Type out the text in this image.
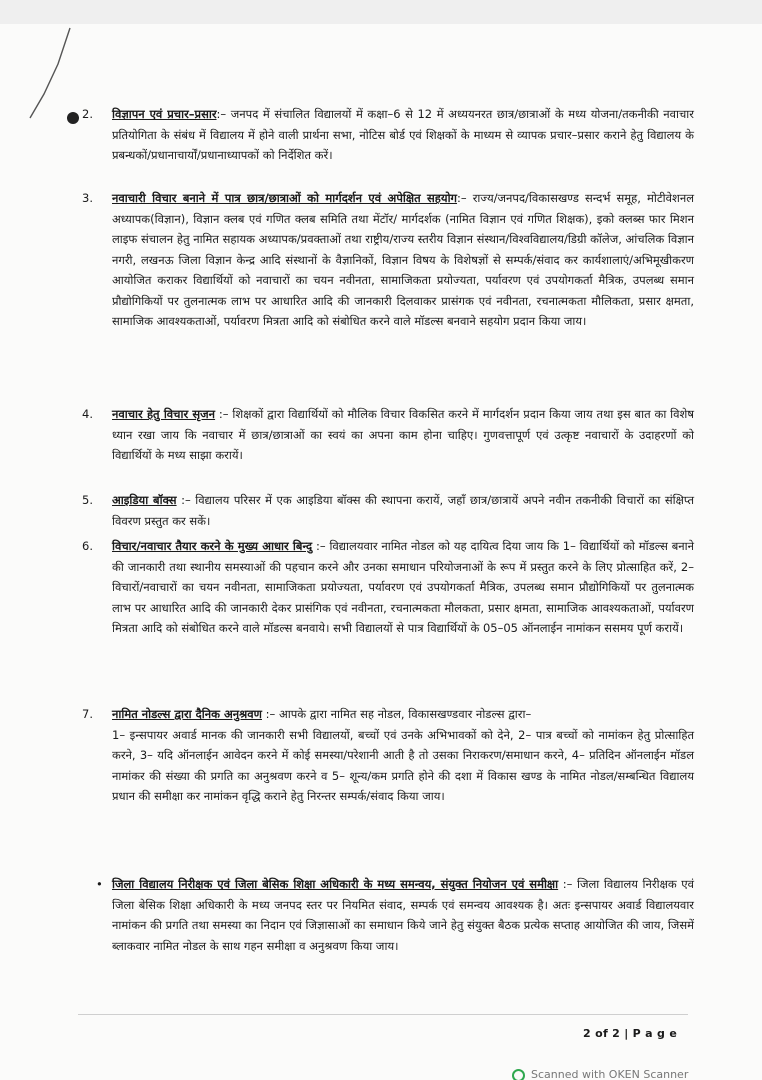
2.	विज्ञापन एवं प्रचार–प्रसार:– जनपद में संचालित विद्यालयों में कक्षा–6 से 12 में अध्ययनरत छात्र/छात्राओं के मध्य योजना/तकनीकी नवाचार प्रतियोगिता के संबंध में विद्यालय में होने वाली प्रार्थना सभा, नोटिस बोर्ड एवं शिक्षकों के माध्यम से व्यापक प्रचार–प्रसार कराने हेतु विद्यालय के प्रबन्धकों/प्रधानाचार्यों/प्रधानाध्यापकों को निर्देशित करें।
3.	नवाचारी विचार बनाने में पात्र छात्र/छात्राओं को मार्गदर्शन एवं अपेक्षित सहयोग:– राज्य/जनपद/विकासखण्ड सन्दर्भ समूह, मोटीवेशनल अध्यापक(विज्ञान), विज्ञान क्लब एवं गणित क्लब समिति तथा मेंटॉर/ मार्गदर्शक (नामित विज्ञान एवं गणित शिक्षक), इको क्लब्स फार मिशन लाइफ संचालन हेतु नामित सहायक अध्यापक/प्रवक्ताओं तथा राष्ट्रीय/राज्य स्तरीय विज्ञान संस्थान/विश्वविद्यालय/डिग्री कॉलेज, आंचलिक विज्ञान नगरी, लखनऊ जिला विज्ञान केन्द्र आदि संस्थानों के वैज्ञानिकों, विज्ञान विषय के विशेषज्ञों से सम्पर्क/संवाद कर कार्यशालाएं/अभिमूखीकरण आयोजित कराकर विद्यार्थियों को नवाचारों का चयन नवीनता, सामाजिकता प्रयोज्यता, पर्यावरण एवं उपयोगकर्ता मैत्रिक, उपलब्ध समान प्रौद्योगिकियों पर तुलनात्मक लाभ पर आधारित आदि की जानकारी दिलवाकर प्रासंगक एवं नवीनता, रचनात्मकता मौलिकता, प्रसार क्षमता, सामाजिक आवश्यकताओं, पर्यावरण मित्रता आदि को संबोधित करने वाले मॉडल्स बनवाने सहयोग प्रदान किया जाय।
4.	नवाचार हेतु विचार सृजन :– शिक्षकों द्वारा विद्यार्थियों को मौलिक विचार विकसित करने में मार्गदर्शन प्रदान किया जाय तथा इस बात का विशेष ध्यान रखा जाय कि नवाचार में छात्र/छात्राओं का स्वयं का अपना काम होना चाहिए। गुणवत्तापूर्ण एवं उत्कृष्ट नवाचारों के उदाहरणों को विद्यार्थियों के मध्य साझा करायें।
5.	आइडिया बॉक्स :– विद्यालय परिसर में एक आइडिया बॉक्स की स्थापना करायें, जहाँ छात्र/छात्रायें अपने नवीन तकनीकी विचारों का संक्षिप्त विवरण प्रस्तुत कर सकें।
6.	विचार/नवाचार तैयार करने के मुख्य आधार बिन्दु :– विद्यालयवार नामित नोडल को यह दायित्व दिया जाय कि 1– विद्यार्थियों को मॉडल्स बनाने की जानकारी तथा स्थानीय समस्याओं की पहचान करने और उनका समाधान परियोजनाओं के रूप में प्रस्तुत करने के लिए प्रोत्साहित करें, 2– विचारों/नवाचारों का चयन नवीनता, सामाजिकता प्रयोज्यता, पर्यावरण एवं उपयोगकर्ता मैत्रिक, उपलब्ध समान प्रौद्योगिकियों पर तुलनात्मक लाभ पर आधारित आदि की जानकारी देकर प्रासंगिक एवं नवीनता, रचनात्मकता मौलकता, प्रसार क्षमता, सामाजिक आवश्यकताओं, पर्यावरण मित्रता आदि को संबोधित करने वाले मॉडल्स बनवाये। सभी विद्यालयों से पात्र विद्यार्थियों के 05–05 ऑनलाईन नामांकन ससमय पूर्ण करायें।
7.	नामित नोडल्स द्वारा दैनिक अनुश्रवण :– आपके द्वारा नामित सह नोडल, विकासखण्डवार नोडल्स द्वारा–

1– इन्सपायर अवार्ड मानक की जानकारी सभी विद्यालयों, बच्चों एवं उनके अभिभावकों को देने, 2– पात्र बच्चों को नामांकन हेतु प्रोत्साहित करने, 3– यदि ऑनलाईन आवेदन करने में कोई समस्या/परेशानी आती है तो उसका निराकरण/समाधान करने, 4– प्रतिदिन ऑनलाईन मॉडल नामांकर की संख्या की प्रगति का अनुश्रवण करने व 5– शून्य/कम प्रगति होने की दशा में विकास खण्ड के नामित नोडल/सम्बन्धित विद्यालय प्रधान की समीक्षा कर नामांकन वृद्धि कराने हेतु निरन्तर सम्पर्क/संवाद किया जाय।

• जिला विद्यालय निरीक्षक एवं जिला बेसिक शिक्षा अधिकारी के मध्य समन्वय, संयुक्त नियोजन एवं समीक्षा :– जिला विद्यालय निरीक्षक एवं जिला बेसिक शिक्षा अधिकारी के मध्य जनपद स्तर पर नियमित संवाद, सम्पर्क एवं समन्वय आवश्यक है। अतः इन्सपायर अवार्ड विद्यालयवार नामांकन की प्रगति तथा समस्या का निदान एवं जिज्ञासाओं का समाधान किये जाने हेतु संयुक्त बैठक प्रत्येक सप्ताह आयोजित की जाय, जिसमें ब्लाकवार नामित नोडल के साथ गहन समीक्षा व अनुश्रवण किया जाय।
2 of 2 | P a g e
Scanned with OKEN Scanner
